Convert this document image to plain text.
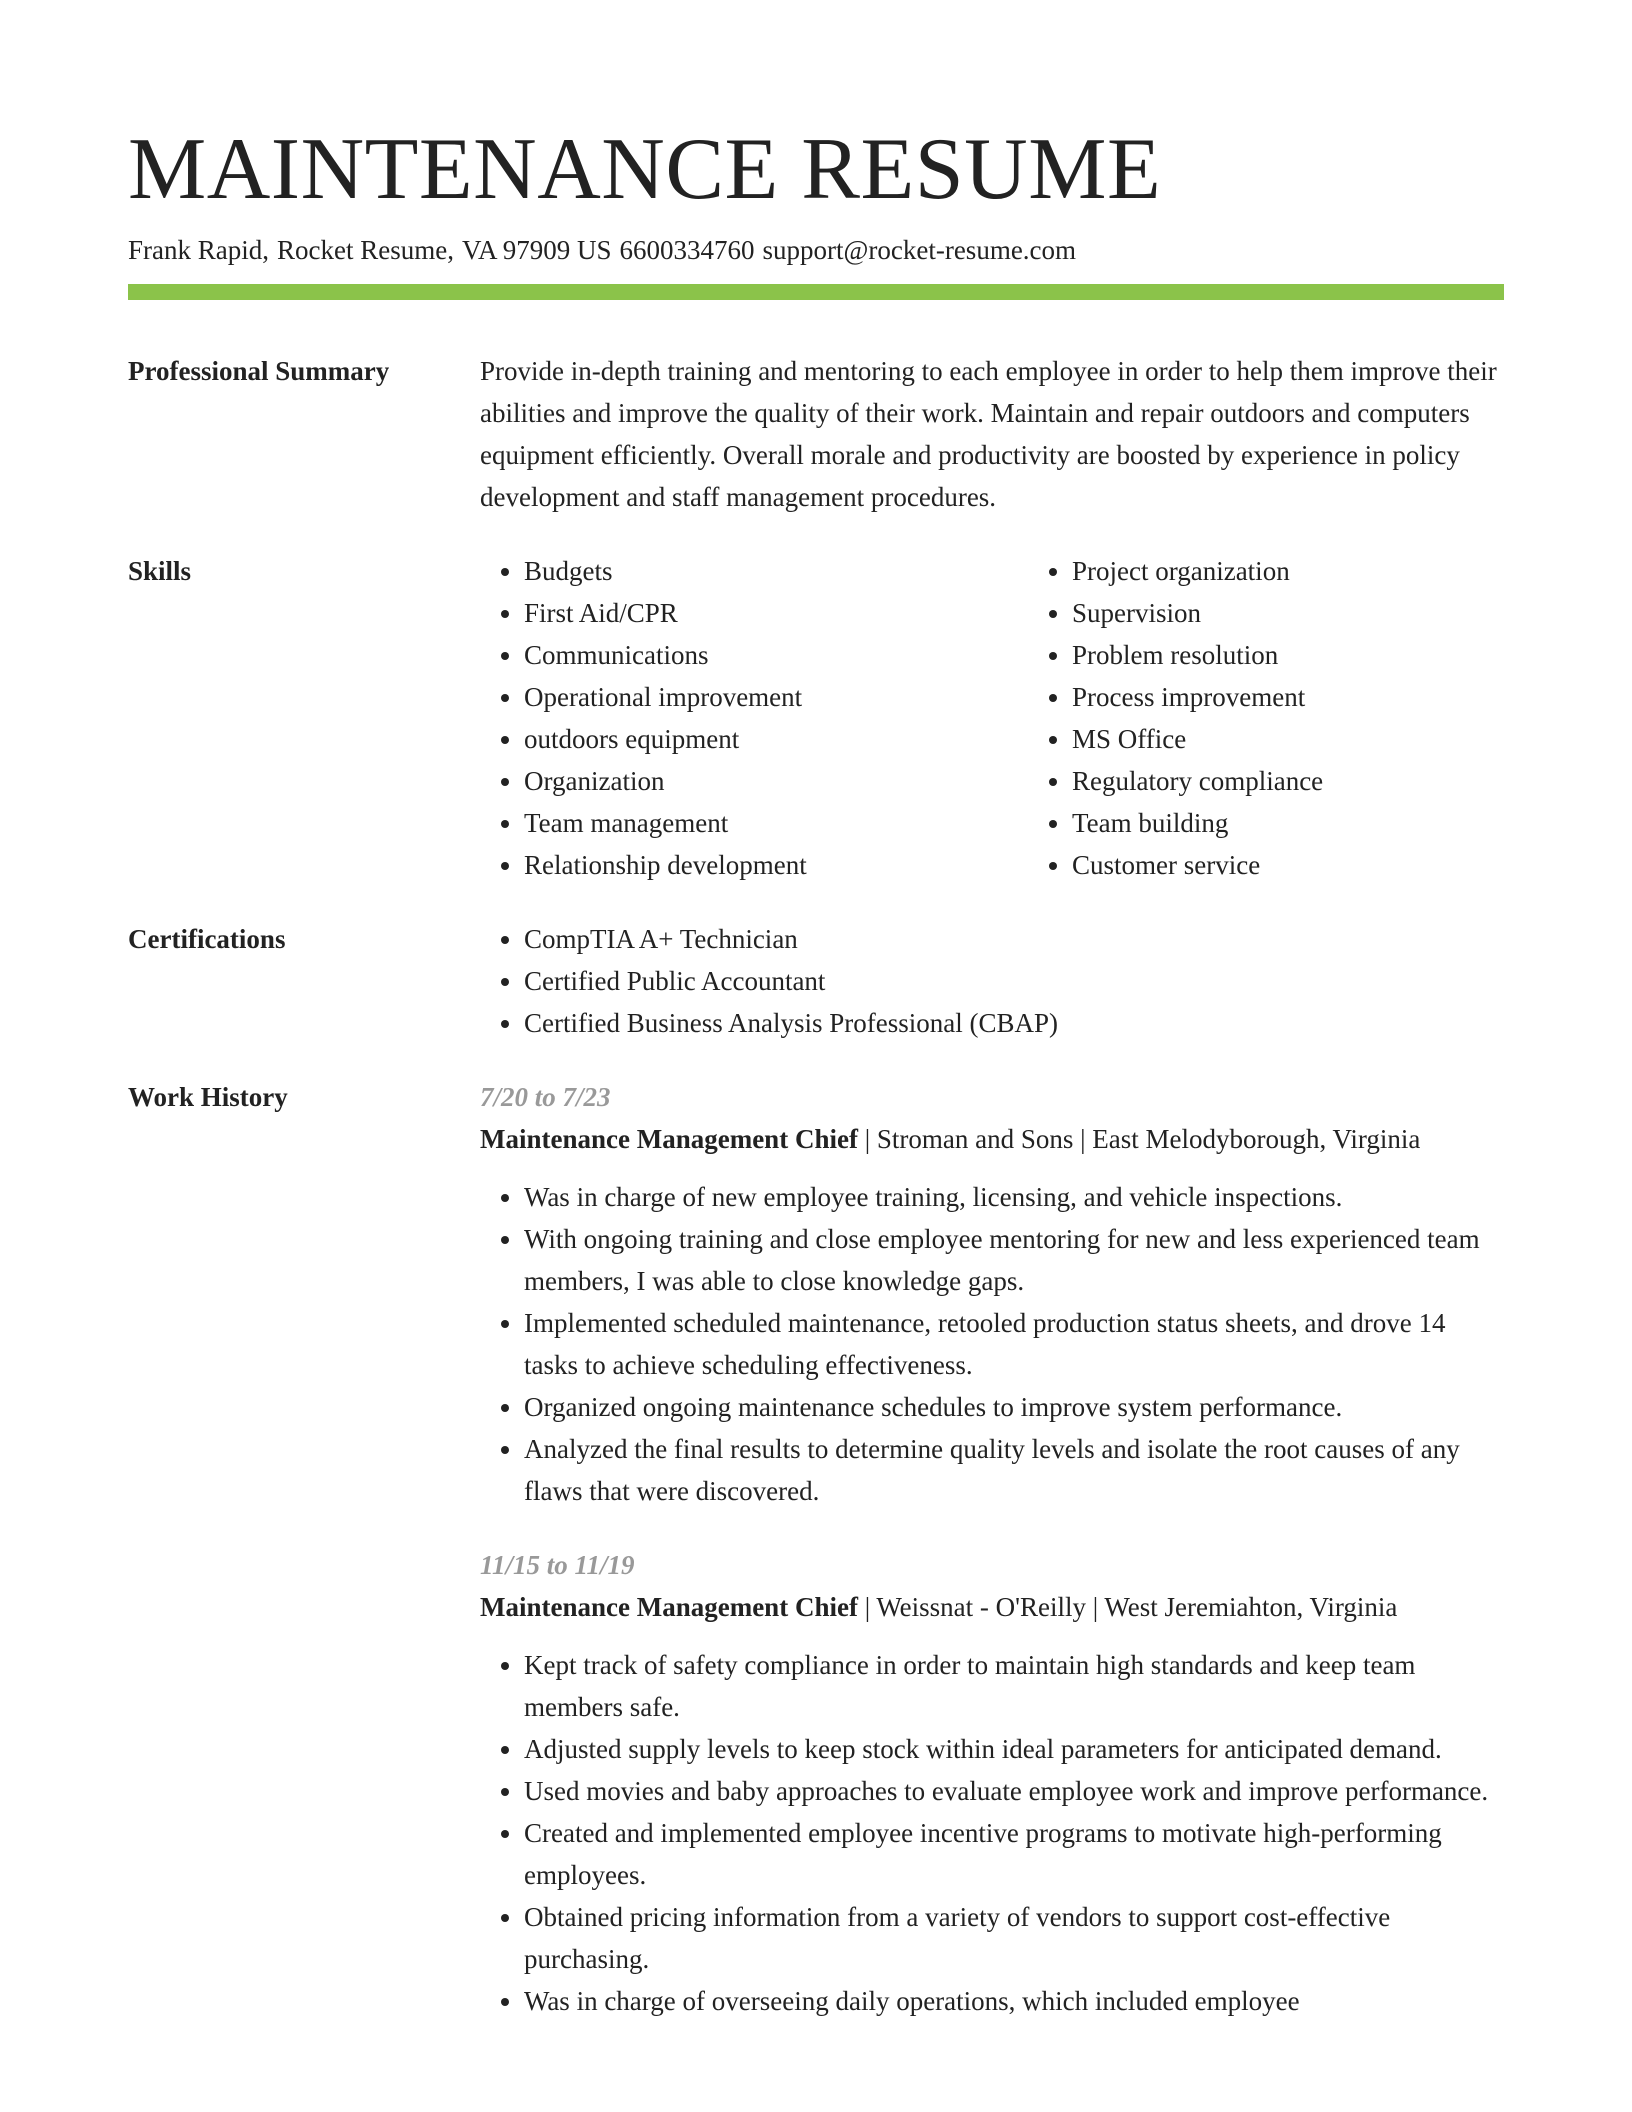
MAINTENANCE RESUME
Frank Rapid, Rocket Resume, VA 97909 US 6600334760 support@rocket-resume.com
Professional Summary	Provide in-depth training and mentoring to each employee in order to help them improve their abilities and improve the quality of their work. Maintain and repair outdoors and computers equipment efficiently. Overall morale and productivity are boosted by experience in policy development and staff management procedures.

Skills	• Budgets
• First Aid/CPR
• Communications
• Operational improvement
• outdoors equipment
• Organization
• Team management
• Relationship development
• Project organization
• Supervision
• Problem resolution
• Process improvement
• MS Office
• Regulatory compliance
• Team building
• Customer service
Certifications	• CompTIA A+ Technician
• Certified Public Accountant
• Certified Business Analysis Professional (CBAP)
Work History	7/20 to 7/23
Maintenance Management Chief | Stroman and Sons | East Melodyborough, Virginia
• Was in charge of new employee training, licensing, and vehicle inspections.
• With ongoing training and close employee mentoring for new and less experienced team members, I was able to close knowledge gaps.
• Implemented scheduled maintenance, retooled production status sheets, and drove 14 tasks to achieve scheduling effectiveness.
• Organized ongoing maintenance schedules to improve system performance.
• Analyzed the final results to determine quality levels and isolate the root causes of any flaws that were discovered.
11/15 to 11/19
Maintenance Management Chief | Weissnat - O'Reilly | West Jeremiahton, Virginia
• Kept track of safety compliance in order to maintain high standards and keep team members safe.
• Adjusted supply levels to keep stock within ideal parameters for anticipated demand.
• Used movies and baby approaches to evaluate employee work and improve performance.
• Created and implemented employee incentive programs to motivate high-performing employees.
• Obtained pricing information from a variety of vendors to support cost-effective purchasing.
• Was in charge of overseeing daily operations, which included employee
